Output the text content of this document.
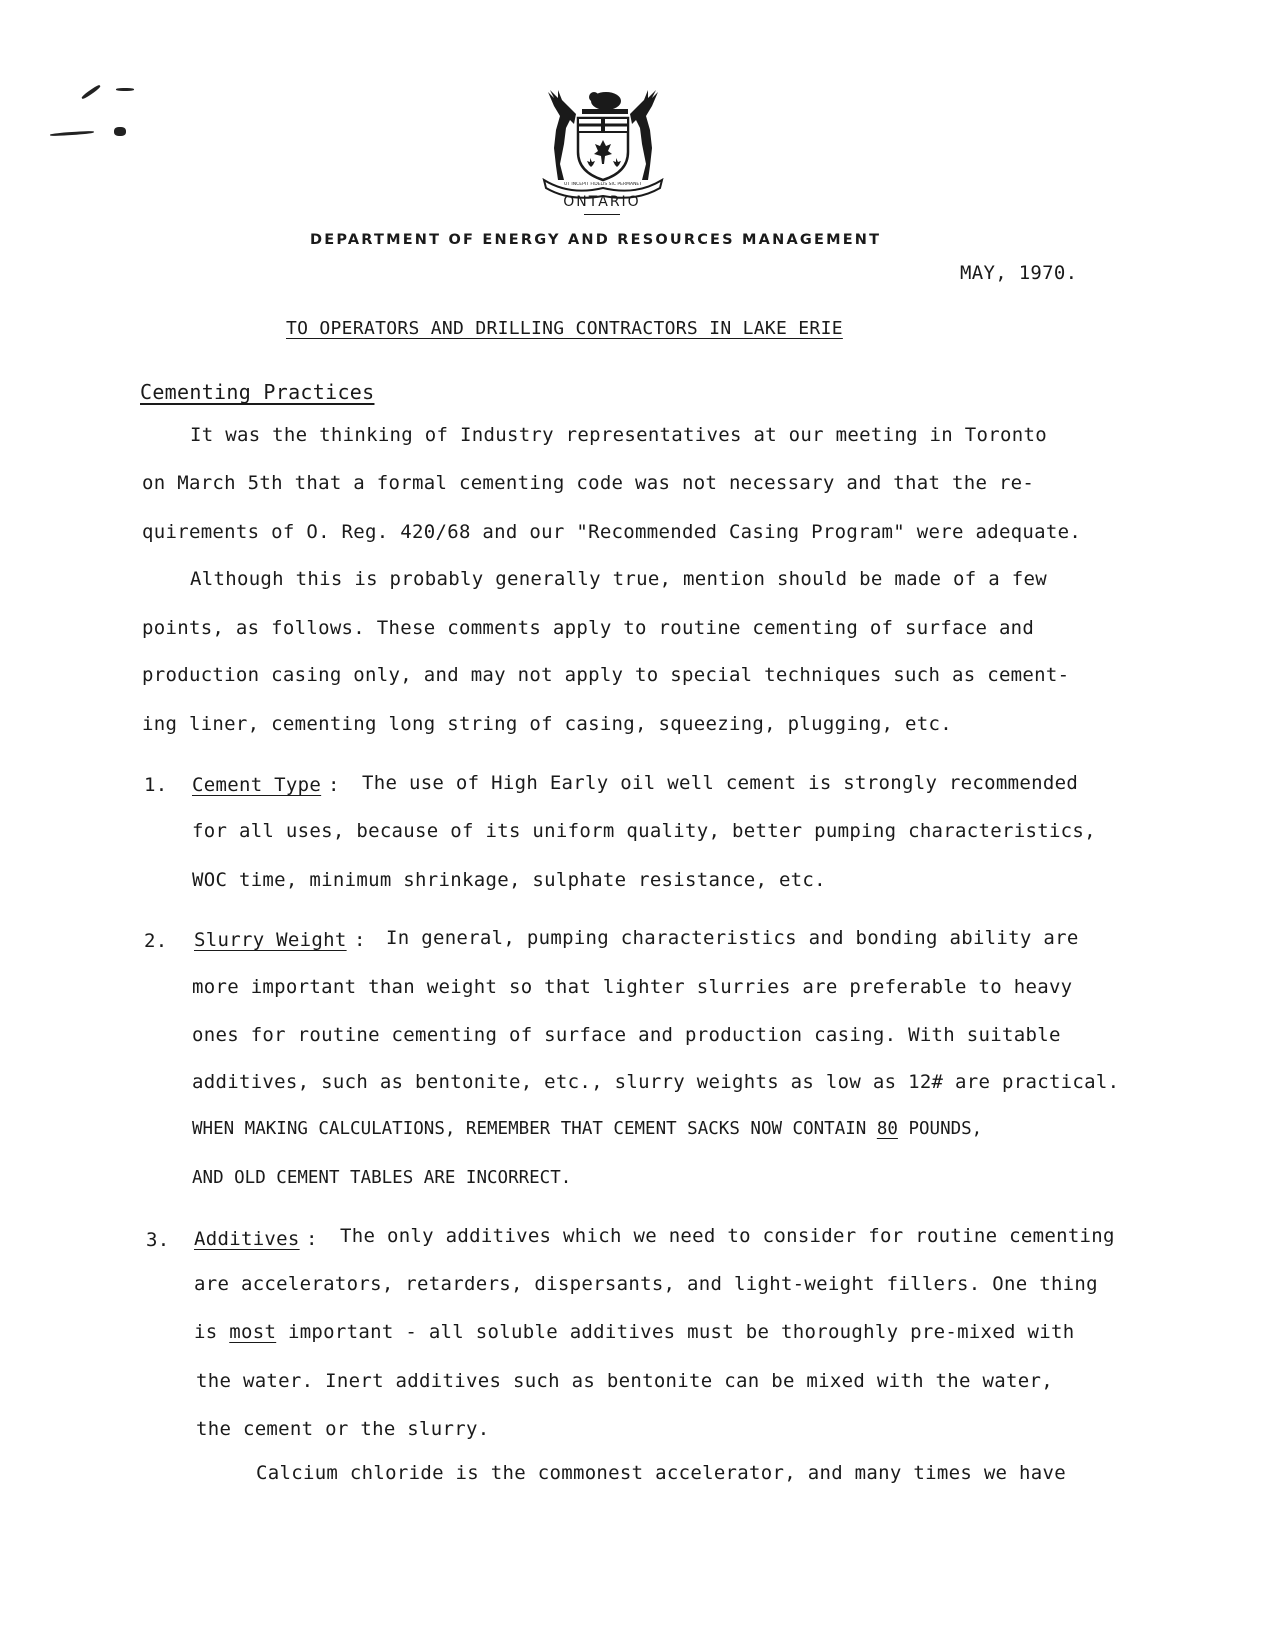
UT INCEPIT FIDELIS SIC PERMANET
ONTARIO
DEPARTMENT OF ENERGY AND RESOURCES MANAGEMENT
MAY, 1970.
TO OPERATORS AND DRILLING CONTRACTORS IN LAKE ERIE
Cementing Practices
It was the thinking of Industry representatives at our meeting in Toronto
on March 5th that a formal cementing code was not necessary and that the re-
quirements of O. Reg. 420/68 and our "Recommended Casing Program" were adequate.
Although this is probably generally true, mention should be made of a few
points, as follows. These comments apply to routine cementing of surface and
production casing only, and may not apply to special techniques such as cement-
ing liner, cementing long string of casing, squeezing, plugging, etc.
1. Cement Type : The use of High Early oil well cement is strongly recommended
for all uses, because of its uniform quality, better pumping characteristics,
WOC time, minimum shrinkage, sulphate resistance, etc.
2. Slurry Weight : In general, pumping characteristics and bonding ability are
more important than weight so that lighter slurries are preferable to heavy
ones for routine cementing of surface and production casing. With suitable
additives, such as bentonite, etc., slurry weights as low as 12# are practical.
WHEN MAKING CALCULATIONS, REMEMBER THAT CEMENT SACKS NOW CONTAIN 80 POUNDS,
AND OLD CEMENT TABLES ARE INCORRECT.
3. Additives : The only additives which we need to consider for routine cementing
are accelerators, retarders, dispersants, and light-weight fillers. One thing
is most important - all soluble additives must be thoroughly pre-mixed with
the water. Inert additives such as bentonite can be mixed with the water,
the cement or the slurry.
Calcium chloride is the commonest accelerator, and many times we have
